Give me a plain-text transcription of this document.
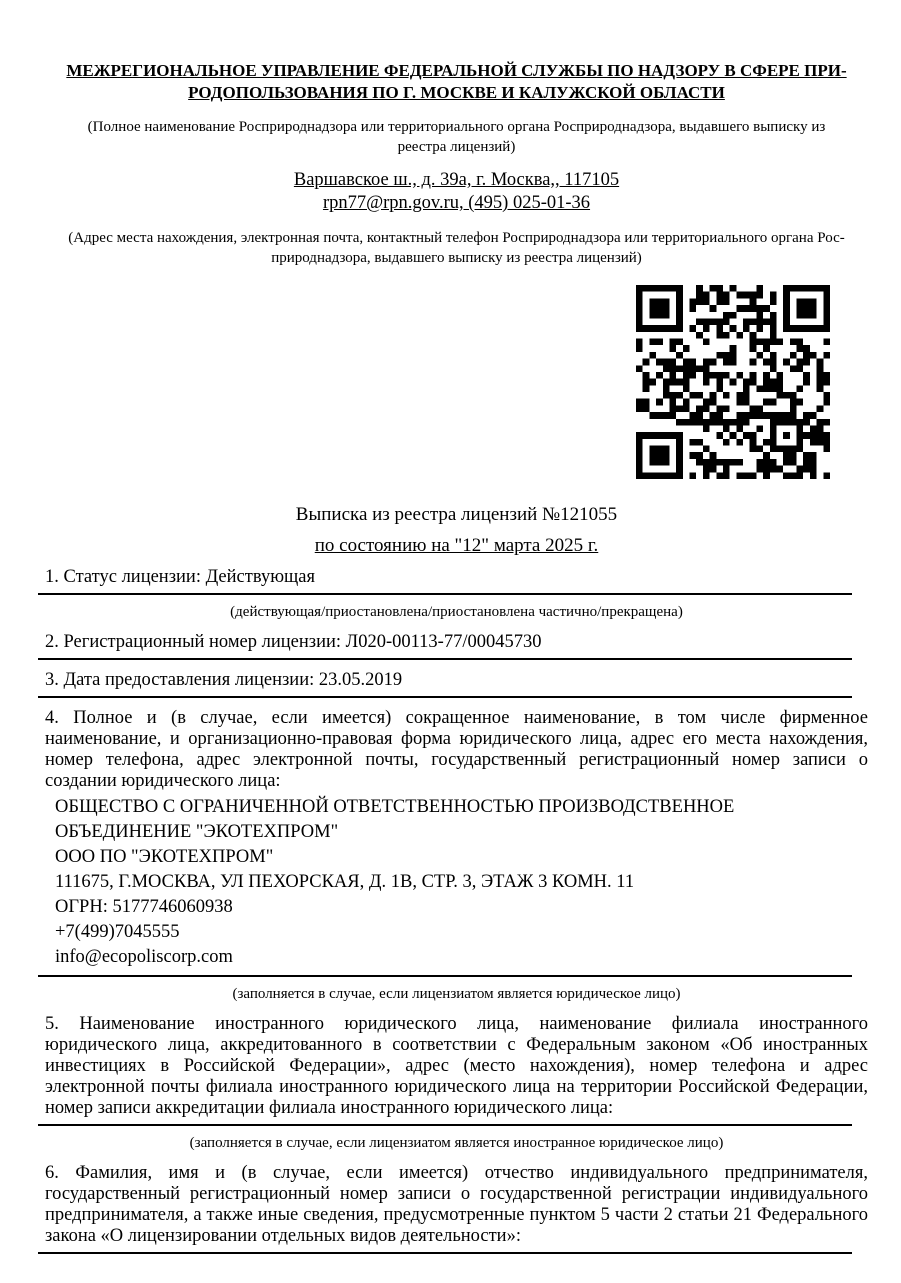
МЕЖРЕГИОНАЛЬНОЕ УПРАВЛЕНИЕ ФЕДЕРАЛЬНОЙ СЛУЖБЫ ПО НАДЗОРУ В СФЕРЕ ПРИ-
РОДОПОЛЬЗОВАНИЯ ПО Г. МОСКВЕ И КАЛУЖСКОЙ ОБЛАСТИ
(Полное наименование Росприроднадзора или территориального органа Росприроднадзора, выдавшего выписку из
реестра лицензий)
Варшавское ш., д. 39а, г. Москва,, 117105
rpn77@rpn.gov.ru, (495) 025-01-36
(Адрес места нахождения, электронная почта, контактный телефон Росприроднадзора или территориального органа Рос-
природнадзора, выдавшего выписку из реестра лицензий)
Выписка из реестра лицензий №121055
по состоянию на "12" марта 2025 г.
1. Статус лицензии: Действующая
(действующая/приостановлена/приостановлена частично/прекращена)
2. Регистрационный номер лицензии: Л020-00113-77/00045730
3. Дата предоставления лицензии: 23.05.2019
4. Полное и (в случае, если имеется) сокращенное наименование, в том числе фирменное наименование, и организационно-правовая форма юридического лица, адрес его места нахождения, номер телефона, адрес электронной почты, государственный регистрационный номер записи о создании юридического лица:
ОБЩЕСТВО С ОГРАНИЧЕННОЙ ОТВЕТСТВЕННОСТЬЮ ПРОИЗВОДСТВЕННОЕ ОБЪЕДИНЕНИЕ "ЭКОТЕХПРОМ"
ООО ПО "ЭКОТЕХПРОМ"
111675, Г.МОСКВА, УЛ ПЕХОРСКАЯ, Д. 1В, СТР. 3, ЭТАЖ 3 КОМН. 11
ОГРН: 5177746060938
+7(499)7045555
info@ecopoliscorp.com
(заполняется в случае, если лицензиатом является юридическое лицо)
5. Наименование иностранного юридического лица, наименование филиала иностранного юридического лица, аккредитованного в соответствии с Федеральным законом «Об иностранных инвестициях в Российской Федерации», адрес (место нахождения), номер телефона и адрес электронной почты филиала иностранного юридического лица на территории Российской Федерации, номер записи аккредитации филиала иностранного юридического лица:
(заполняется в случае, если лицензиатом является иностранное юридическое лицо)
6. Фамилия, имя и (в случае, если имеется) отчество индивидуального предпринимателя, государственный регистрационный номер записи о государственной регистрации индивидуального предпринимателя, а также иные сведения, предусмотренные пунктом 5 части 2 статьи 21 Федерального закона «О лицензировании отдельных видов деятельности»:
